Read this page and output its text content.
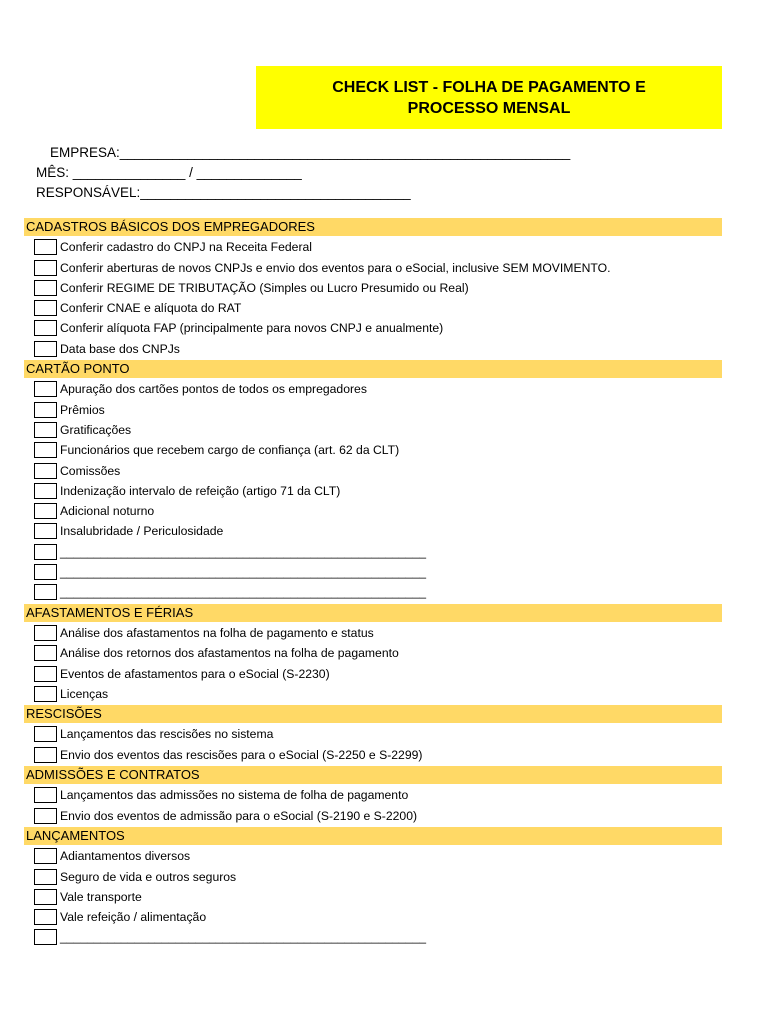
CHECK LIST - FOLHA DE PAGAMENTO E
PROCESSO MENSAL
EMPRESA:____________________________________________________________
MÊS: _______________ / ______________
RESPONSÁVEL:____________________________________
CADASTROS BÁSICOS DOS EMPREGADORES
Conferir cadastro do CNPJ na Receita Federal
Conferir aberturas de novos CNPJs e envio dos eventos para o eSocial, inclusive SEM MOVIMENTO.
Conferir REGIME DE TRIBUTAÇÃO (Simples ou Lucro Presumido ou Real)
Conferir CNAE e alíquota do RAT
Conferir alíquota FAP (principalmente para novos CNPJ e anualmente)
Data base dos CNPJs
CARTÃO PONTO
Apuração dos cartões pontos de todos os empregadores
Prêmios
Gratificações
Funcionários que recebem cargo de confiança (art. 62 da CLT)
Comissões
Indenização intervalo de refeição (artigo 71 da CLT)
Adicional noturno
Insalubridade / Periculosidade
______________________________________________________
______________________________________________________
______________________________________________________
AFASTAMENTOS E FÉRIAS
Análise dos afastamentos na folha de pagamento e status
Análise dos retornos dos afastamentos na folha de pagamento
Eventos de afastamentos para o eSocial (S-2230)
Licenças
RESCISÕES
Lançamentos das rescisões no sistema
Envio dos eventos das rescisões para o eSocial (S-2250 e S-2299)
ADMISSÕES E CONTRATOS
Lançamentos das admissões no sistema de folha de pagamento
Envio dos eventos de admissão para o eSocial (S-2190 e S-2200)
LANÇAMENTOS
Adiantamentos diversos
Seguro de vida e outros seguros
Vale transporte
Vale refeição / alimentação
______________________________________________________
